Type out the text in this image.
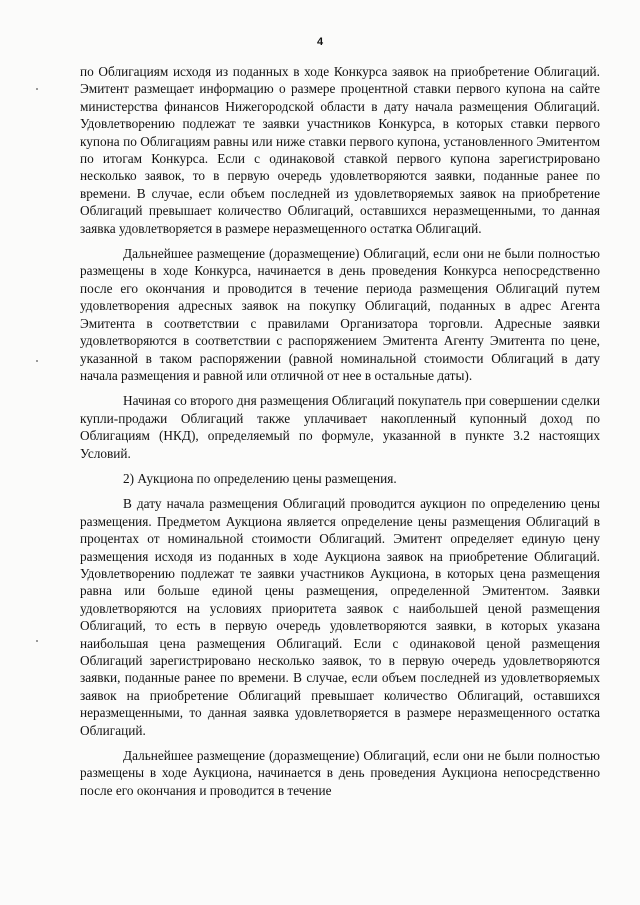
4

по Облигациям исходя из поданных в ходе Конкурса заявок на приобретение Облигаций. Эмитент размещает информацию о размере процентной ставки первого купона на сайте министерства финансов Нижегородской области в дату начала размещения Облигаций. Удовлетворению подлежат те заявки участников Конкурса, в которых ставки первого купона по Облигациям равны или ниже ставки первого купона, установленного Эмитентом по итогам Конкурса. Если с одинаковой ставкой первого купона зарегистрировано несколько заявок, то в первую очередь удовлетворяются заявки, поданные ранее по времени. В случае, если объем последней из удовлетворяемых заявок на приобретение Облигаций превышает количество Облигаций, оставшихся неразмещенными, то данная заявка удовлетворяется в размере неразмещенного остатка Облигаций.

Дальнейшее размещение (доразмещение) Облигаций, если они не были полностью размещены в ходе Конкурса, начинается в день проведения Конкурса непосредственно после его окончания и проводится в течение периода размещения Облигаций путем удовлетворения адресных заявок на покупку Облигаций, поданных в адрес Агента Эмитента в соответствии с правилами Организатора торговли. Адресные заявки удовлетворяются в соответствии с распоряжением Эмитента Агенту Эмитента по цене, указанной в таком распоряжении (равной номинальной стоимости Облигаций в дату начала размещения и равной или отличной от нее в остальные даты).

Начиная со второго дня размещения Облигаций покупатель при совершении сделки купли-продажи Облигаций также уплачивает накопленный купонный доход по Облигациям (НКД), определяемый по формуле, указанной в пункте 3.2 настоящих Условий.

2) Аукциона по определению цены размещения.

В дату начала размещения Облигаций проводится аукцион по определению цены размещения. Предметом Аукциона является определение цены размещения Облигаций в процентах от номинальной стоимости Облигаций. Эмитент определяет единую цену размещения исходя из поданных в ходе Аукциона заявок на приобретение Облигаций. Удовлетворению подлежат те заявки участников Аукциона, в которых цена размещения равна или больше единой цены размещения, определенной Эмитентом. Заявки удовлетворяются на условиях приоритета заявок с наибольшей ценой размещения Облигаций, то есть в первую очередь удовлетворяются заявки, в которых указана наибольшая цена размещения Облигаций. Если с одинаковой ценой размещения Облигаций зарегистрировано несколько заявок, то в первую очередь удовлетворяются заявки, поданные ранее по времени. В случае, если объем последней из удовлетворяемых заявок на приобретение Облигаций превышает количество Облигаций, оставшихся неразмещенными, то данная заявка удовлетворяется в размере неразмещенного остатка Облигаций.

Дальнейшее размещение (доразмещение) Облигаций, если они не были полностью размещены в ходе Аукциона, начинается в день проведения Аукциона непосредственно после его окончания и проводится в течение
